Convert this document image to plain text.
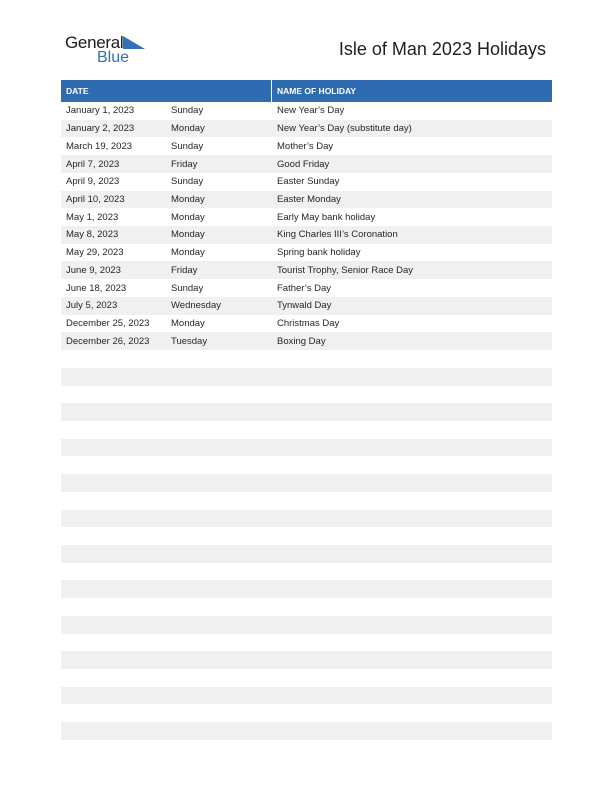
General
Blue	Isle of Man 2023 Holidays
DATE	NAME OF HOLIDAY
January 1, 2023	Sunday	New Year’s Day
January 2, 2023	Monday	New Year’s Day (substitute day)
March 19, 2023	Sunday	Mother’s Day
April 7, 2023	Friday	Good Friday
April 9, 2023	Sunday	Easter Sunday
April 10, 2023	Monday	Easter Monday
May 1, 2023	Monday	Early May bank holiday
May 8, 2023	Monday	King Charles III’s Coronation
May 29, 2023	Monday	Spring bank holiday
June 9, 2023	Friday	Tourist Trophy, Senior Race Day
June 18, 2023	Sunday	Father’s Day
July 5, 2023	Wednesday	Tynwald Day
December 25, 2023	Monday	Christmas Day
December 26, 2023	Tuesday	Boxing Day
